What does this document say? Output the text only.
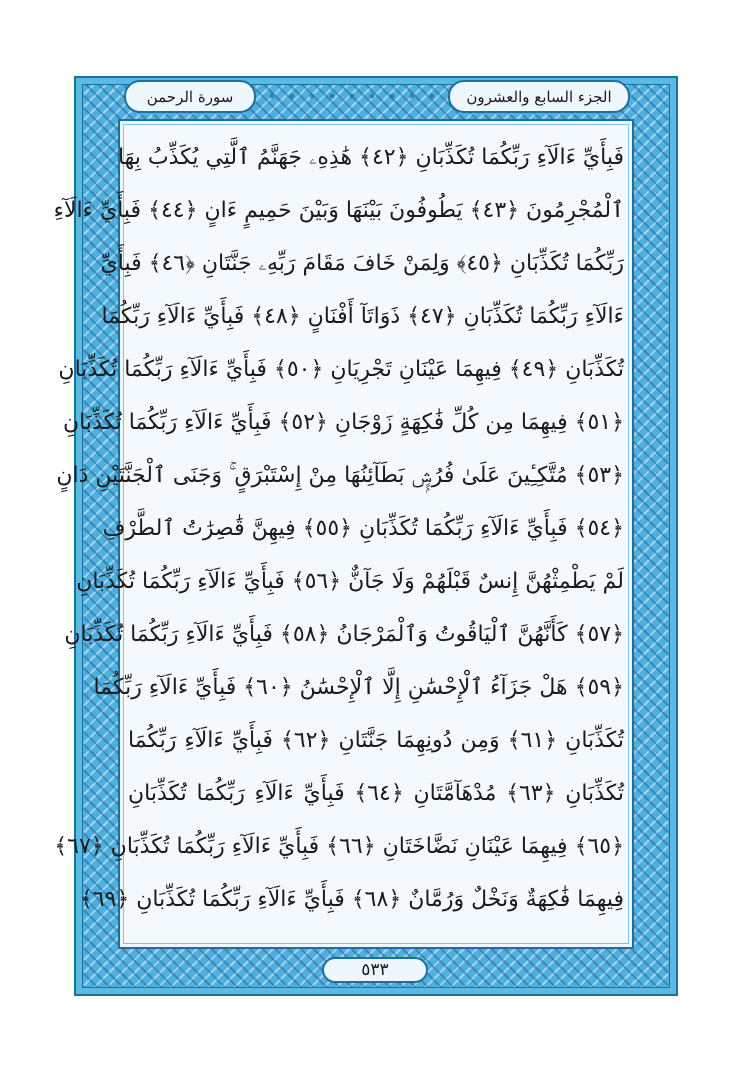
الجزء السابع والعشرون
سورة الرحمن
فَبِأَيِّ ءَالَآءِ رَبِّكُمَا تُكَذِّبَانِ ﴿٤٢﴾ هَٰذِهِۦ جَهَنَّمُ ٱلَّتِي يُكَذِّبُ بِهَا
ٱلْمُجْرِمُونَ ﴿٤٣﴾ يَطُوفُونَ بَيْنَهَا وَبَيْنَ حَمِيمٍ ءَانٍ ﴿٤٤﴾ فَبِأَيِّ ءَالَآءِ
رَبِّكُمَا تُكَذِّبَانِ ﴿٤٥﴾ وَلِمَنْ خَافَ مَقَامَ رَبِّهِۦ جَنَّتَانِ ﴿٤٦﴾ فَبِأَيِّ
ءَالَآءِ رَبِّكُمَا تُكَذِّبَانِ ﴿٤٧﴾ ذَوَاتَآ أَفْنَانٍ ﴿٤٨﴾ فَبِأَيِّ ءَالَآءِ رَبِّكُمَا
تُكَذِّبَانِ ﴿٤٩﴾ فِيهِمَا عَيْنَانِ تَجْرِيَانِ ﴿٥٠﴾ فَبِأَيِّ ءَالَآءِ رَبِّكُمَا تُكَذِّبَانِ
﴿٥١﴾ فِيهِمَا مِن كُلِّ فَٰكِهَةٍ زَوْجَانِ ﴿٥٢﴾ فَبِأَيِّ ءَالَآءِ رَبِّكُمَا تُكَذِّبَانِ
﴿٥٣﴾ مُتَّكِـِٔينَ عَلَىٰ فُرُشٍۭ بَطَآئِنُهَا مِنْ إِسْتَبْرَقٍ ۚ وَجَنَى ٱلْجَنَّتَيْنِ دَانٍ
﴿٥٤﴾ فَبِأَيِّ ءَالَآءِ رَبِّكُمَا تُكَذِّبَانِ ﴿٥٥﴾ فِيهِنَّ قَٰصِرَٰتُ ٱلطَّرْفِ
لَمْ يَطْمِثْهُنَّ إِنسٌ قَبْلَهُمْ وَلَا جَآنٌّ ﴿٥٦﴾ فَبِأَيِّ ءَالَآءِ رَبِّكُمَا تُكَذِّبَانِ
﴿٥٧﴾ كَأَنَّهُنَّ ٱلْيَاقُوتُ وَٱلْمَرْجَانُ ﴿٥٨﴾ فَبِأَيِّ ءَالَآءِ رَبِّكُمَا تُكَذِّبَانِ
﴿٥٩﴾ هَلْ جَزَآءُ ٱلْإِحْسَٰنِ إِلَّا ٱلْإِحْسَٰنُ ﴿٦٠﴾ فَبِأَيِّ ءَالَآءِ رَبِّكُمَا
تُكَذِّبَانِ ﴿٦١﴾ وَمِن دُونِهِمَا جَنَّتَانِ ﴿٦٢﴾ فَبِأَيِّ ءَالَآءِ رَبِّكُمَا
تُكَذِّبَانِ ﴿٦٣﴾ مُدْهَآمَّتَانِ ﴿٦٤﴾ فَبِأَيِّ ءَالَآءِ رَبِّكُمَا تُكَذِّبَانِ
﴿٦٥﴾ فِيهِمَا عَيْنَانِ نَضَّاخَتَانِ ﴿٦٦﴾ فَبِأَيِّ ءَالَآءِ رَبِّكُمَا تُكَذِّبَانِ ﴿٦٧﴾
فِيهِمَا فَٰكِهَةٌ وَنَخْلٌ وَرُمَّانٌ ﴿٦٨﴾ فَبِأَيِّ ءَالَآءِ رَبِّكُمَا تُكَذِّبَانِ ﴿٦٩﴾
٥٣٣
